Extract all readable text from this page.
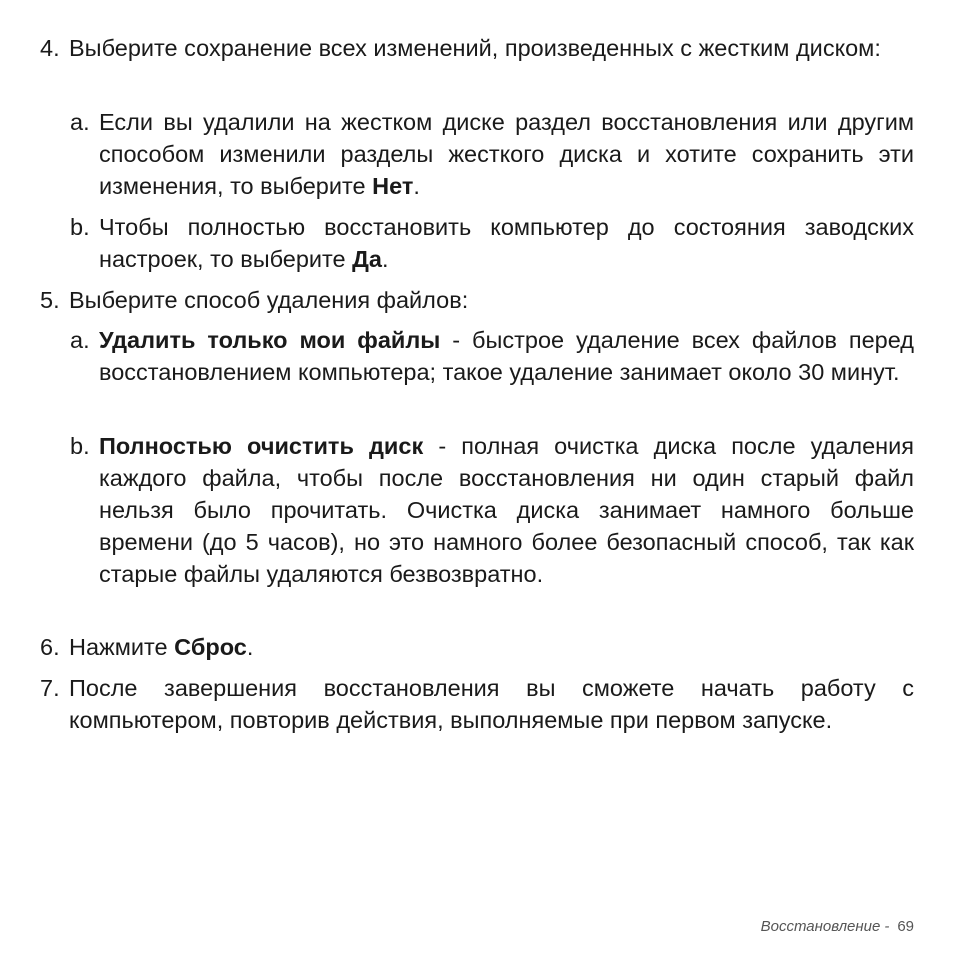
4. Выберите сохранение всех изменений, произведенных с жестким диском:
a. Если вы удалили на жестком диске раздел восстановления или другим способом изменили разделы жесткого диска и хотите сохранить эти изменения, то выберите Нет.
b. Чтобы полностью восстановить компьютер до состояния заводских настроек, то выберите Да.
5. Выберите способ удаления файлов:
a. Удалить только мои файлы - быстрое удаление всех файлов перед восстановлением компьютера; такое удаление занимает около 30 минут.
b. Полностью очистить диск - полная очистка диска после удаления каждого файла, чтобы после восстановления ни один старый файл нельзя было прочитать. Очистка диска занимает намного больше времени (до 5 часов), но это намного более безопасный способ, так как старые файлы удаляются безвозвратно.
6. Нажмите Сброс.
7. После завершения восстановления вы сможете начать работу с компьютером, повторив действия, выполняемые при первом запуске.
Восстановление - 69
